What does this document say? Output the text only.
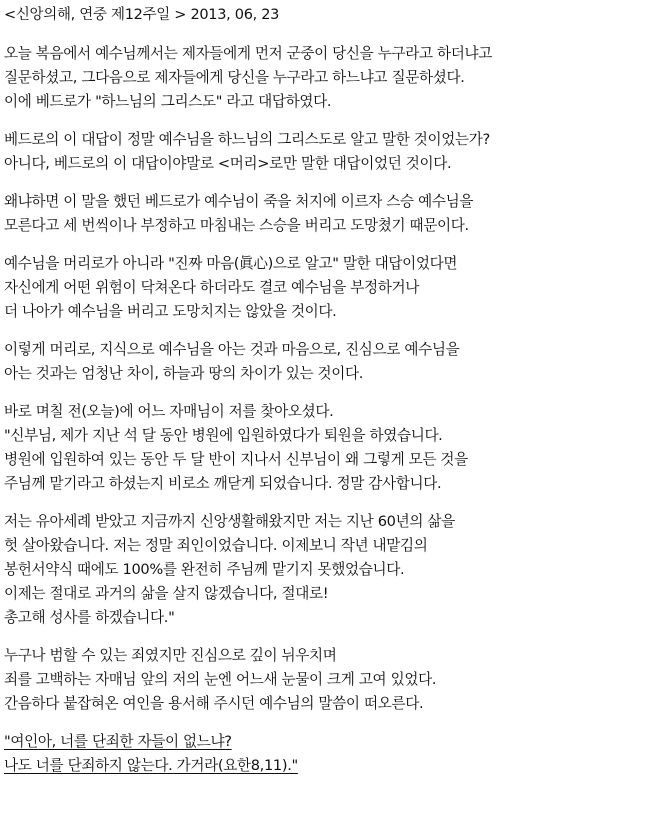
<신앙의해, 연중 제12주일 > 2013, 06, 23
오늘 복음에서 예수님께서는 제자들에게 먼저 군중이 당신을 누구라고 하더냐고
질문하셨고, 그다음으로 제자들에게 당신을 누구라고 하느냐고 질문하셨다.
이에 베드로가 "하느님의 그리스도" 라고 대답하였다.
베드로의 이 대답이 정말 예수님을 하느님의 그리스도로 알고 말한 것이었는가?
아니다, 베드로의 이 대답이야말로 <머리>로만 말한 대답이었던 것이다.
왜냐하면 이 말을 했던 베드로가 예수님이 죽을 처지에 이르자 스승 예수님을
모른다고 세 번씩이나 부정하고 마침내는 스승을 버리고 도망쳤기 때문이다.
예수님을 머리로가 아니라 "진짜 마음(眞心)으로 알고" 말한 대답이었다면
자신에게 어떤 위험이 닥쳐온다 하더라도 결코 예수님을 부정하거나
더 나아가 예수님을 버리고 도망치지는 않았을 것이다.
이렇게 머리로, 지식으로 예수님을 아는 것과 마음으로, 진심으로 예수님을
아는 것과는 엄청난 차이, 하늘과 땅의 차이가 있는 것이다.
바로 며칠 전(오늘)에 어느 자매님이 저를 찾아오셨다.
"신부님, 제가 지난 석 달 동안 병원에 입원하였다가 퇴원을 하였습니다.
병원에 입원하여 있는 동안 두 달 반이 지나서 신부님이 왜 그렇게 모든 것을
주님께 맡기라고 하셨는지 비로소 깨닫게 되었습니다. 정말 감사합니다.
저는 유아세례 받았고 지금까지 신앙생활해왔지만 저는 지난 60년의 삶을
헛 살아왔습니다. 저는 정말 죄인이었습니다. 이제보니 작년 내맡김의
봉헌서약식 때에도 100%를 완전히 주님께 맡기지 못했었습니다.
이제는 절대로 과거의 삶을 살지 않겠습니다, 절대로!
총고해 성사를 하겠습니다."
누구나 범할 수 있는 죄였지만 진심으로 깊이 뉘우치며
죄를 고백하는 자매님 앞의 저의 눈엔 어느새 눈물이 크게 고여 있었다.
간음하다 붙잡혀온 여인을 용서해 주시던 예수님의 말씀이 떠오른다.
"여인아, 너를 단죄한 자들이 없느냐?
나도 너를 단죄하지 않는다. 가거라(요한8,11)."
